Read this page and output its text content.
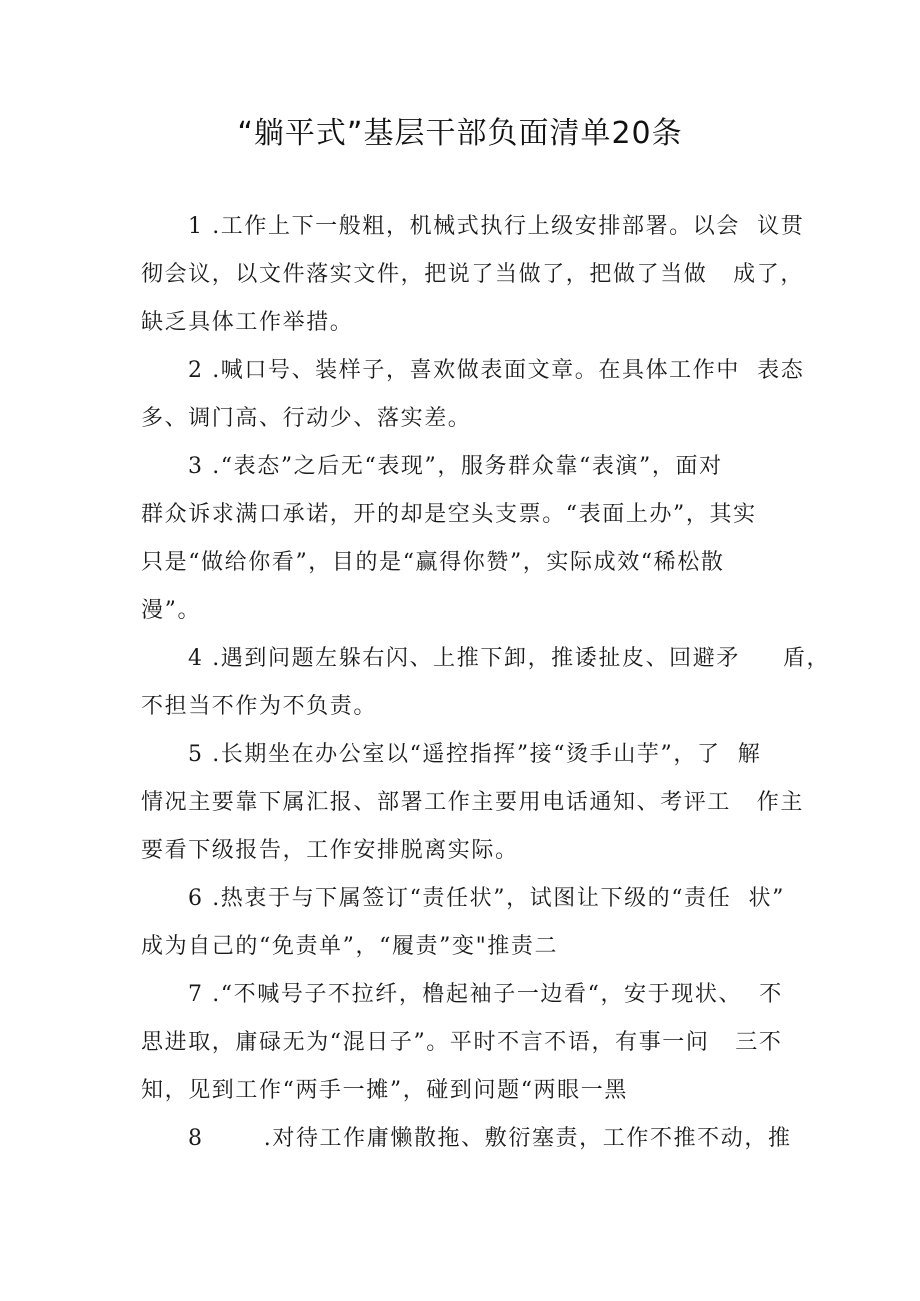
“躺平式”基层干部负面清单20条
1 .工作上下一般粗，机械式执行上级安排部署。以会  议贯
彻会议，以文件落实文件，把说了当做了，把做了当做   成了，
缺乏具体工作举措。
2 .喊口号、装样子，喜欢做表面文章。在具体工作中  表态
多、调门高、行动少、落实差。
3 .“表态”之后无“表现”，服务群众靠“表演”，面对
群众诉求满口承诺，开的却是空头支票。“表面上办”，其实
只是“做给你看”，目的是“赢得你赞”，实际成效“稀松散
漫”。
4 .遇到问题左躲右闪、上推下卸，推诿扯皮、回避矛     盾，
不担当不作为不负责。
5 .长期坐在办公室以“遥控指挥”接“烫手山芋”，了  解
情况主要靠下属汇报、部署工作主要用电话通知、考评工   作主
要看下级报告，工作安排脱离实际。
6 .热衷于与下属签订“责任状”，试图让下级的“责任  状”
成为自己的“免责单”，“履责”变"推责二
7 .“不喊号子不拉纤，橹起袖子一边看“，安于现状、  不
思进取，庸碌无为“混日子”。平时不言不语，有事一问   三不
知，见到工作“两手一摊”，碰到问题“两眼一黑
8       .对待工作庸懒散拖、敷衍塞责，工作不推不动，推
